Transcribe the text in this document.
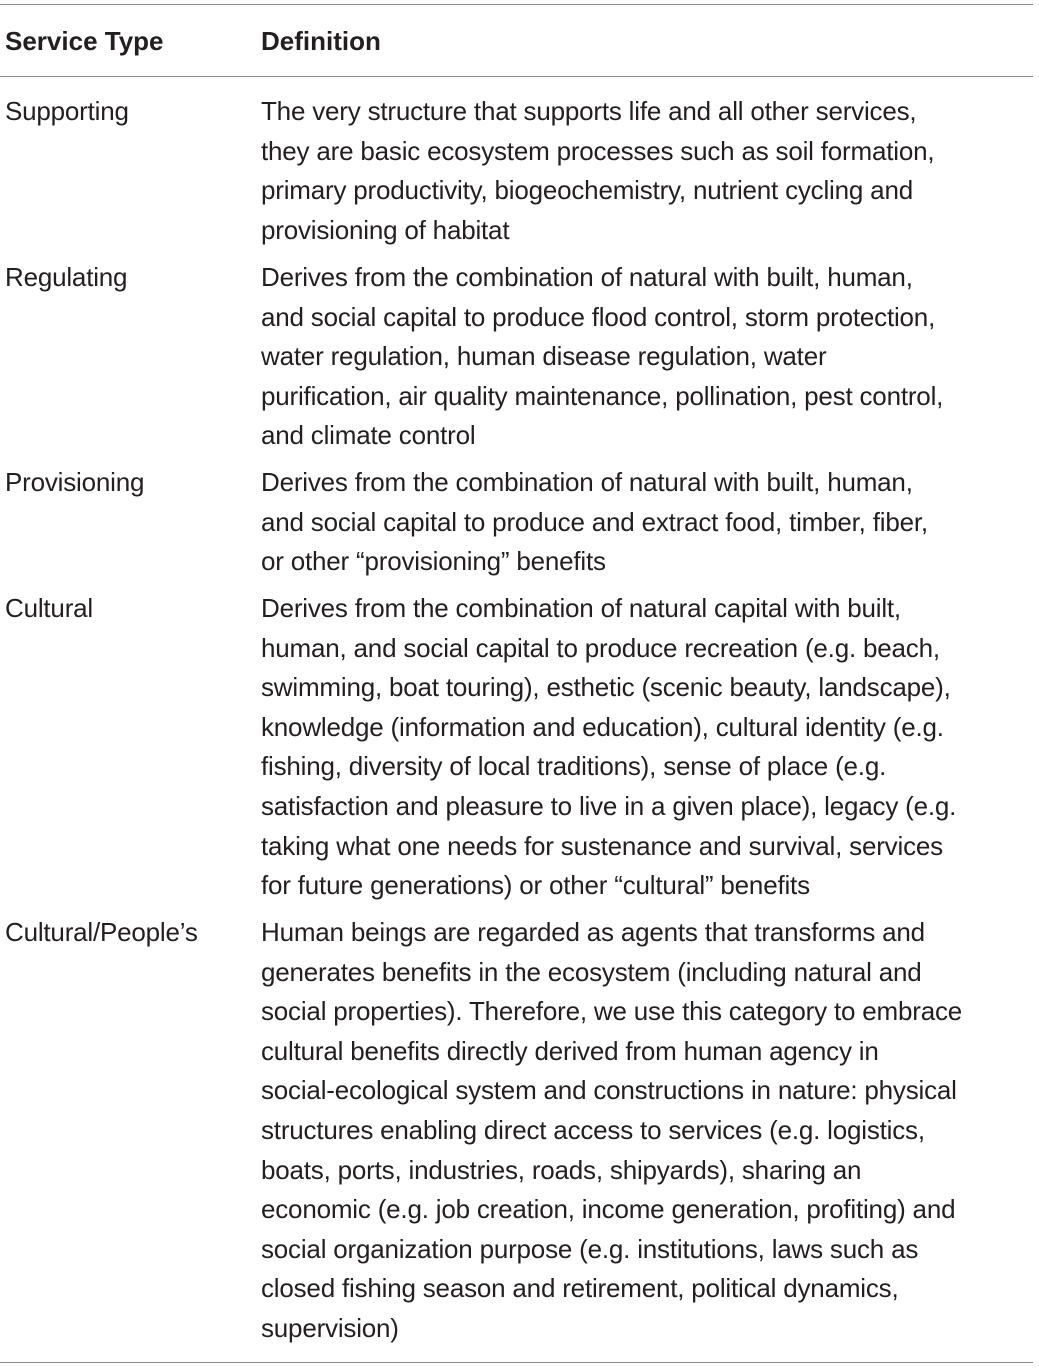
Service Type	Definition
Supporting	The very structure that supports life and all other services,
they are basic ecosystem processes such as soil formation,
primary productivity, biogeochemistry, nutrient cycling and
provisioning of habitat
Regulating	Derives from the combination of natural with built, human,
and social capital to produce flood control, storm protection,
water regulation, human disease regulation, water
purification, air quality maintenance, pollination, pest control,
and climate control
Provisioning	Derives from the combination of natural with built, human,
and social capital to produce and extract food, timber, fiber,
or other “provisioning” benefits
Cultural	Derives from the combination of natural capital with built,
human, and social capital to produce recreation (e.g. beach,
swimming, boat touring), esthetic (scenic beauty, landscape),
knowledge (information and education), cultural identity (e.g.
fishing, diversity of local traditions), sense of place (e.g.
satisfaction and pleasure to live in a given place), legacy (e.g.
taking what one needs for sustenance and survival, services
for future generations) or other “cultural” benefits
Cultural/People’s Human beings are regarded as agents that transforms and
generates benefits in the ecosystem (including natural and
social properties). Therefore, we use this category to embrace
cultural benefits directly derived from human agency in
social-ecological system and constructions in nature: physical
structures enabling direct access to services (e.g. logistics,
boats, ports, industries, roads, shipyards), sharing an
economic (e.g. job creation, income generation, profiting) and
social organization purpose (e.g. institutions, laws such as
closed fishing season and retirement, political dynamics,
supervision)
